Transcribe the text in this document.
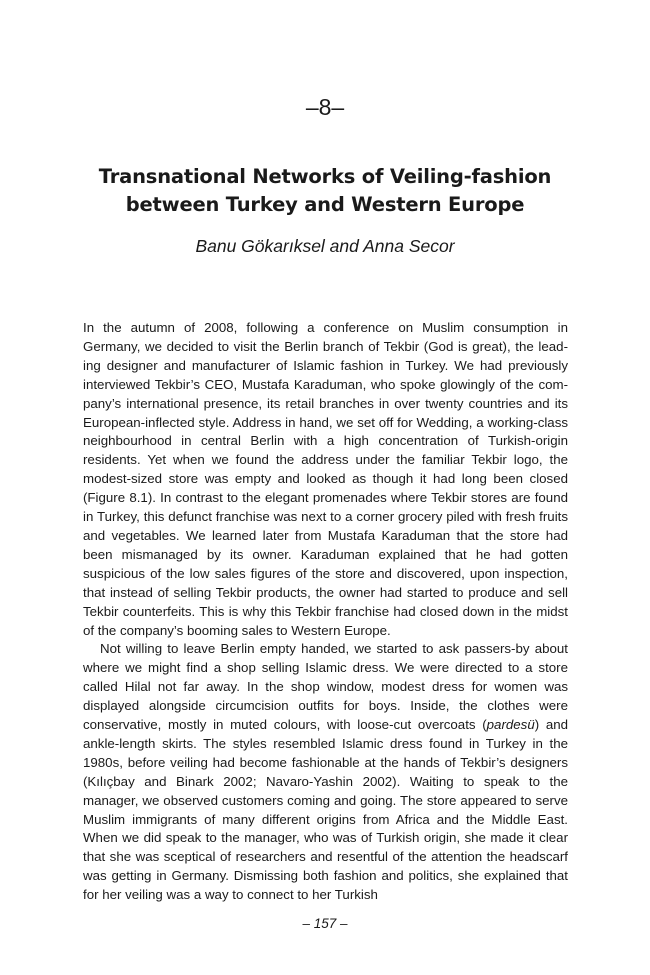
–8–
Transnational Networks of Veiling-fashion
between Turkey and Western Europe
Banu Gökarıksel and Anna Secor

In the autumn of 2008, following a conference on Muslim consumption in Germany, we decided to visit the Berlin branch of Tekbir (God is great), the leading designer and manufacturer of Islamic fashion in Turkey. We had previously interviewed Tekbir’s CEO, Mustafa Karaduman, who spoke glowingly of the company’s international presence, its retail branches in over twenty countries and its European-inflected style. Address in hand, we set off for Wedding, a working-class neighbourhood in central Berlin with a high concentration of Turkish-origin residents. Yet when we found the address under the familiar Tekbir logo, the modest-sized store was empty and looked as though it had long been closed (Figure 8.1). In contrast to the elegant promenades where Tekbir stores are found in Turkey, this defunct franchise was next to a corner grocery piled with fresh fruits and vegetables. We learned later from Mustafa Karaduman that the store had been mismanaged by its owner. Karaduman explained that he had gotten suspicious of the low sales figures of the store and discovered, upon inspection, that instead of selling Tekbir products, the owner had started to produce and sell Tekbir counterfeits. This is why this Tekbir franchise had closed down in the midst of the company’s booming sales to Western Europe.

Not willing to leave Berlin empty handed, we started to ask passers-by about where we might find a shop selling Islamic dress. We were directed to a store called Hilal not far away. In the shop window, modest dress for women was displayed alongside circumcision outfits for boys. Inside, the clothes were conservative, mostly in muted colours, with loose-cut overcoats (pardesü) and ankle-length skirts. The styles resembled Islamic dress found in Turkey in the 1980s, before veiling had become fashionable at the hands of Tekbir’s designers (Kılıçbay and Binark 2002; Navaro-Yashin 2002). Waiting to speak to the manager, we observed customers coming and going. The store appeared to serve Muslim immigrants of many different origins from Africa and the Middle East. When we did speak to the manager, who was of Turkish origin, she made it clear that she was sceptical of researchers and resentful of the attention the headscarf was getting in Germany. Dismissing both fashion and politics, she explained that for her veiling was a way to connect to her Turkish

– 157 –
